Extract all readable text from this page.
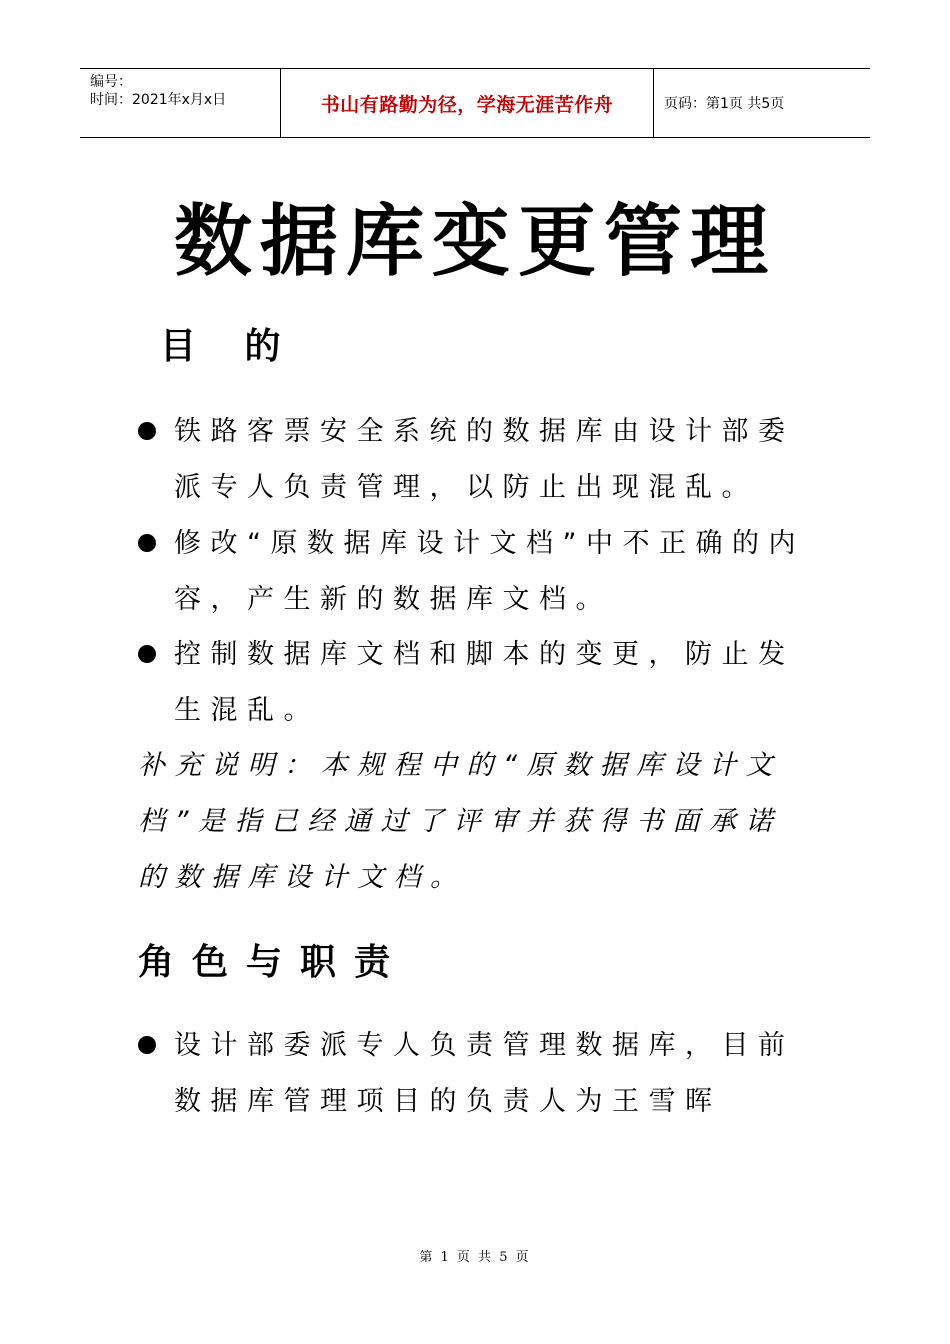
编号：
时间：2021年x月x日	书山有路勤为径，学海无涯苦作舟	页码：第1页 共5页
数据库变更管理
目 的
铁路客票安全系统的数据库由设计部委派专人负责管理，以防止出现混乱。
修改“原数据库设计文档”中不正确的内容，产生新的数据库文档。
控制数据库文档和脚本的变更，防止发生混乱。

补充说明：本规程中的“原数据库设计文档”是指已经通过了评审并获得书面承诺的数据库设计文档。

角色与职责
设计部委派专人负责管理数据库，目前数据库管理项目的负责人为王雪晖
第 1 页 共 5 页
